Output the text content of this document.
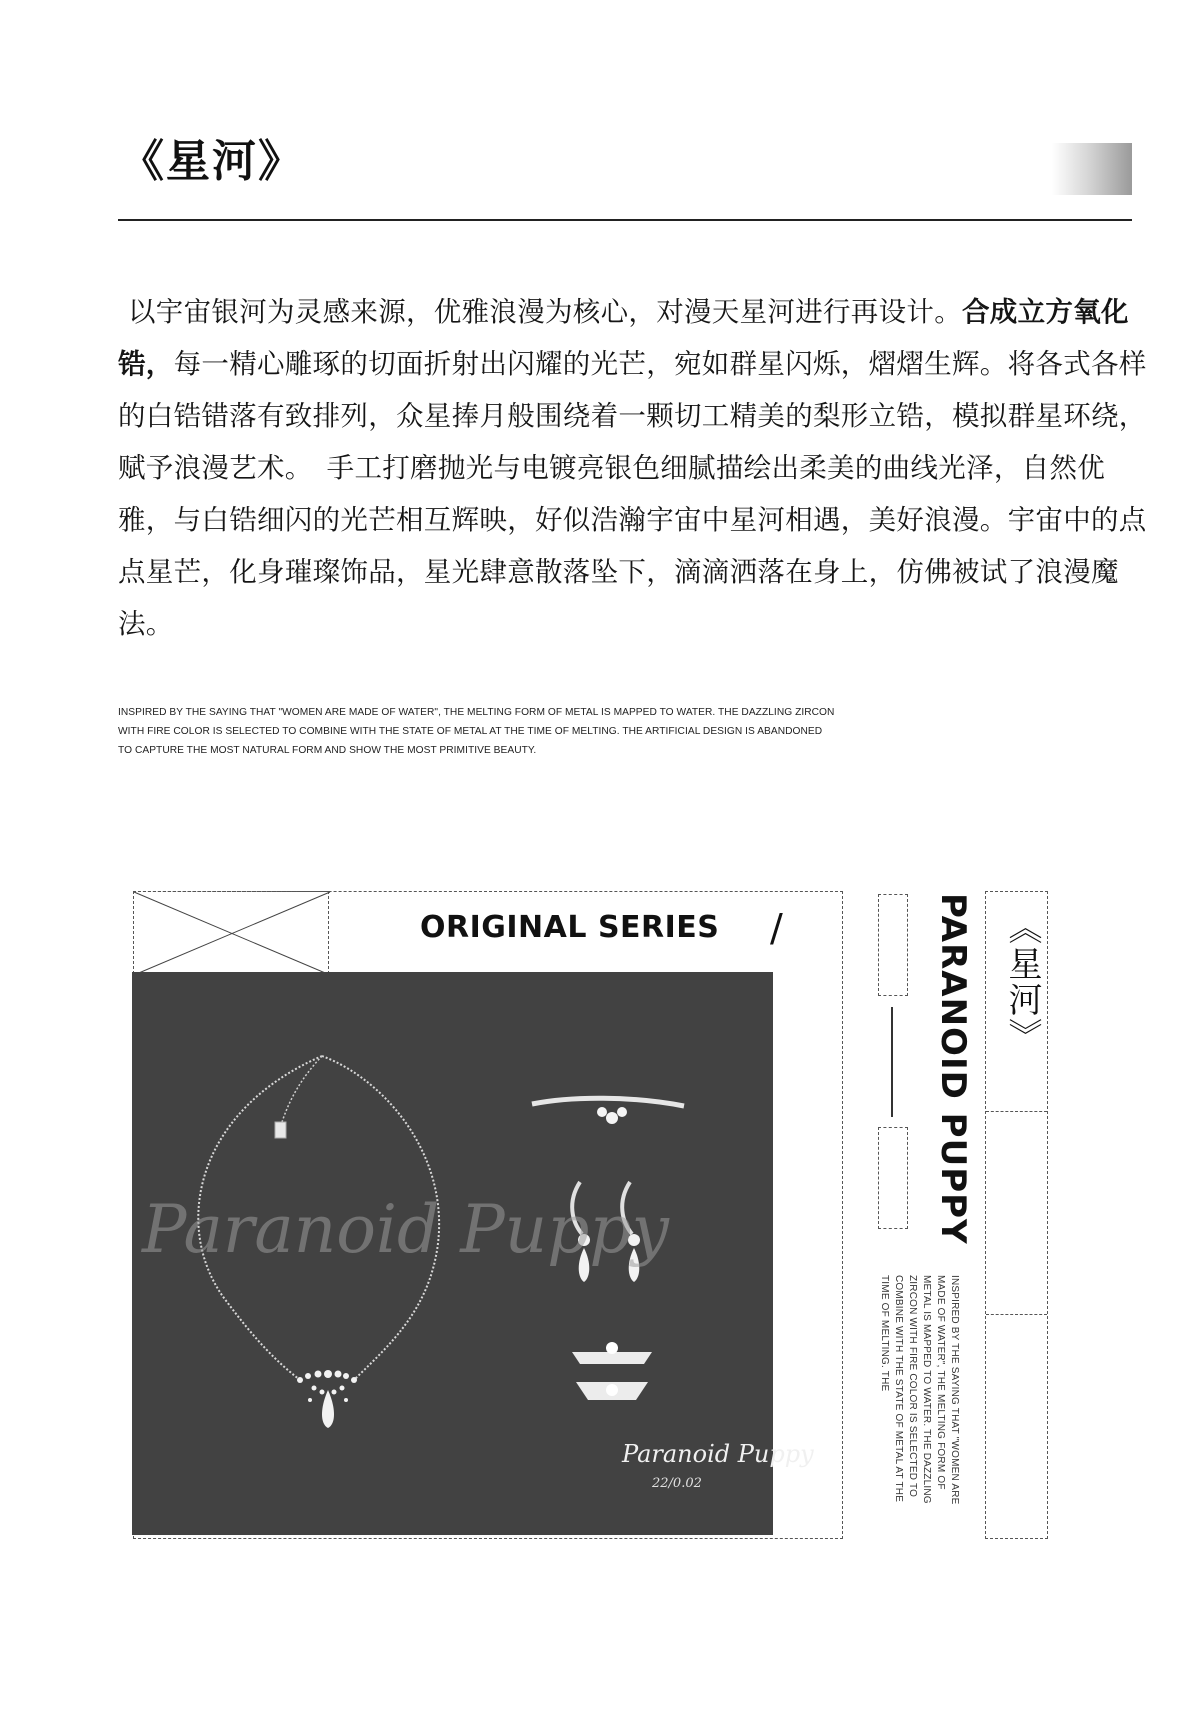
《星河》

以宇宙银河为灵感来源，优雅浪漫为核心，对漫天星河进行再设计。合成立方氧化锆，每一精心雕琢的切面折射出闪耀的光芒，宛如群星闪烁，熠熠生辉。将各式各样的白锆错落有致排列，众星捧月般围绕着一颗切工精美的梨形立锆，模拟群星环绕，赋予浪漫艺术。　手工打磨抛光与电镀亮银色细腻描绘出柔美的曲线光泽，自然优雅，与白锆细闪的光芒相互辉映，好似浩瀚宇宙中星河相遇，美好浪漫。宇宙中的点点星芒，化身璀璨饰品，星光肆意散落坠下，滴滴洒落在身上，仿佛被试了浪漫魔法。

INSPIRED BY THE SAYING THAT "WOMEN ARE MADE OF WATER", THE MELTING FORM OF METAL IS MAPPED TO WATER. THE DAZZLING ZIRCON WITH FIRE COLOR IS SELECTED TO COMBINE WITH THE STATE OF METAL AT THE TIME OF MELTING. THE ARTIFICIAL DESIGN IS ABANDONED TO CAPTURE THE MOST NATURAL FORM AND SHOW THE MOST PRIMITIVE BEAUTY.
ORIGINAL SERIES /
Paranoid Puppy
Paranoid Puppy
22/0.02
PARANOID PUPPY 《星河》
INSPIRED BY THE SAYING THAT "WOMEN ARE MADE OF WATER", THE MELTING FORM OF METAL IS MAPPED TO WATER. THE DAZZLING ZIRCON WITH FIRE COLOR IS SELECTED TO COMBINE WITH THE STATE OF METAL AT THE TIME OF MELTING. THE
